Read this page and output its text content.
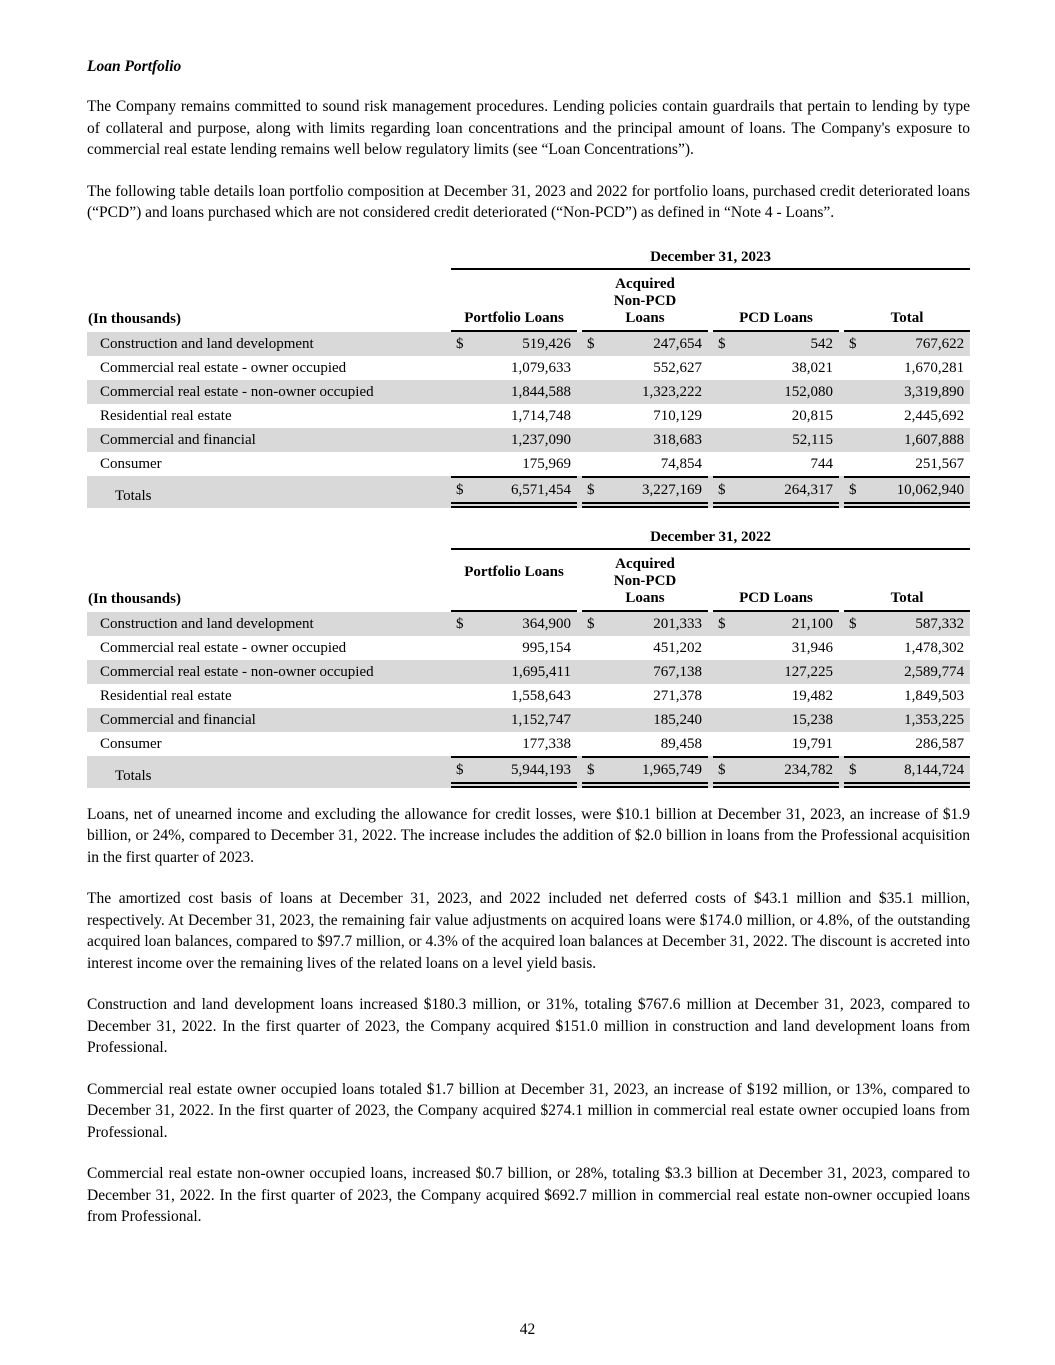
Loan Portfolio

The Company remains committed to sound risk management procedures. Lending policies contain guardrails that pertain to lending by type of collateral and purpose, along with limits regarding loan concentrations and the principal amount of loans. The Company's exposure to commercial real estate lending remains well below regulatory limits (see “Loan Concentrations”).

The following table details loan portfolio composition at December 31, 2023 and 2022 for portfolio loans, purchased credit deteriorated loans (“PCD”) and loans purchased which are not considered credit deteriorated (“Non-PCD”) as defined in “Note 4 - Loans”.

	December 31, 2023						
(In thousands)	Portfolio Loans		Acquired Non-PCD Loans		PCD Loans		Total
Construction and land development	$ 519,426		$ 247,654		$ 542		$ 767,622

Commercial real estate - owner occupied	1,079,633		552,627		38,021		1,670,281

Commercial real estate - non-owner occupied	1,844,588		1,323,222		152,080		3,319,890

Residential real estate	1,714,748		710,129		20,815		2,445,692

Commercial and financial	1,237,090		318,683		52,115		1,607,888

Consumer	175,969		74,854		744		251,567

Totals	$ 6,571,454		$ 3,227,169		$ 264,317		$ 10,062,940
	December 31, 2022						
(In thousands)	Portfolio Loans		Acquired Non-PCD Loans		PCD Loans		Total
Construction and land development	$ 364,900		$ 201,333		$ 21,100		$ 587,332

Commercial real estate - owner occupied	995,154		451,202		31,946		1,478,302

Commercial real estate - non-owner occupied	1,695,411		767,138		127,225		2,589,774

Residential real estate	1,558,643		271,378		19,482		1,849,503

Commercial and financial	1,152,747		185,240		15,238		1,353,225

Consumer	177,338		89,458		19,791		286,587

Totals	$ 5,944,193		$ 1,965,749		$ 234,782		$ 8,144,724

Loans, net of unearned income and excluding the allowance for credit losses, were $10.1 billion at December 31, 2023, an increase of $1.9 billion, or 24%, compared to December 31, 2022. The increase includes the addition of $2.0 billion in loans from the Professional acquisition in the first quarter of 2023.

The amortized cost basis of loans at December 31, 2023, and 2022 included net deferred costs of $43.1 million and $35.1 million, respectively. At December 31, 2023, the remaining fair value adjustments on acquired loans were $174.0 million, or 4.8%, of the outstanding acquired loan balances, compared to $97.7 million, or 4.3% of the acquired loan balances at December 31, 2022. The discount is accreted into interest income over the remaining lives of the related loans on a level yield basis.

Construction and land development loans increased $180.3 million, or 31%, totaling $767.6 million at December 31, 2023, compared to December 31, 2022. In the first quarter of 2023, the Company acquired $151.0 million in construction and land development loans from Professional.

Commercial real estate owner occupied loans totaled $1.7 billion at December 31, 2023, an increase of $192 million, or 13%, compared to December 31, 2022. In the first quarter of 2023, the Company acquired $274.1 million in commercial real estate owner occupied loans from Professional.

Commercial real estate non-owner occupied loans, increased $0.7 billion, or 28%, totaling $3.3 billion at December 31, 2023, compared to December 31, 2022. In the first quarter of 2023, the Company acquired $692.7 million in commercial real estate non-owner occupied loans from Professional.

42
